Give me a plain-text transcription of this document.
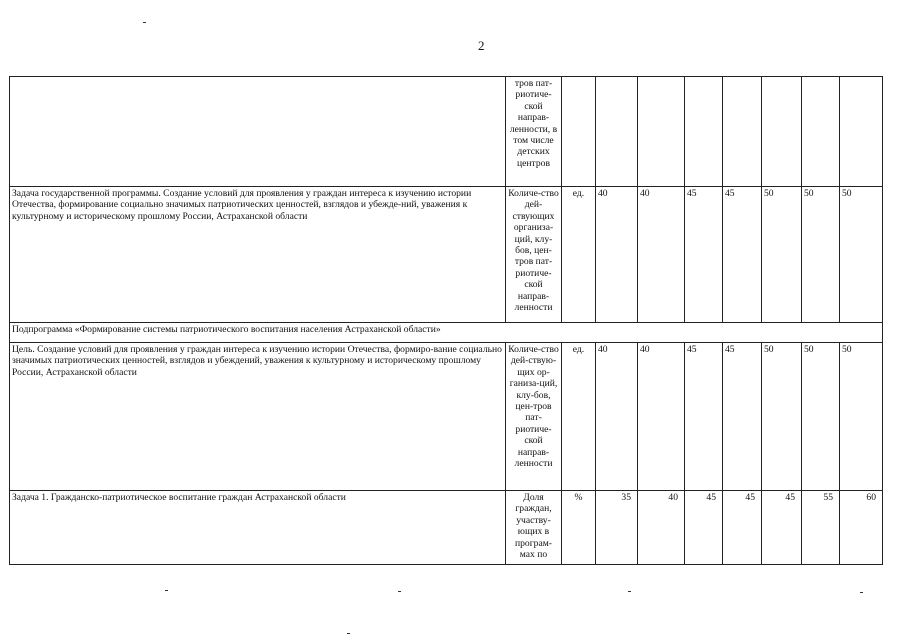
2
	тров пат-риотиче-ской направ-ленности, в том числе детских центров								
Задача государственной программы. Создание условий для проявления у граждан интереса к изучению истории Отечества, формирование социально значимых патриотических ценностей, взглядов и убежде-ний, уважения к культурному и историческому прошлому России, Астраханской области	Количе-ство дей-ствующих организа-ций, клу-бов, цен-тров пат-риотиче-ской направ-ленности	ед.	40	40	45	45	50	50	50
Подпрограмма «Формирование системы патриотического воспитания населения Астраханской области»									
Цель. Создание условий для проявления у граждан интереса к изучению истории Отечества, формиро-вание социально значимых патриотических ценностей, взглядов и убеждений, уважения к культурному и историческому прошлому России, Астраханской области	Количе-ство дей-ствую-щих ор-ганиза-ций, клу-бов, цен-тров пат-риотиче-ской направ-ленности	ед.	40	40	45	45	50	50	50
Задача 1. Гражданско-патриотическое воспитание граждан Астраханской области	Доля граждан, участву-ющих в програм-мах по	%	35	40	45	45	45	55	60
